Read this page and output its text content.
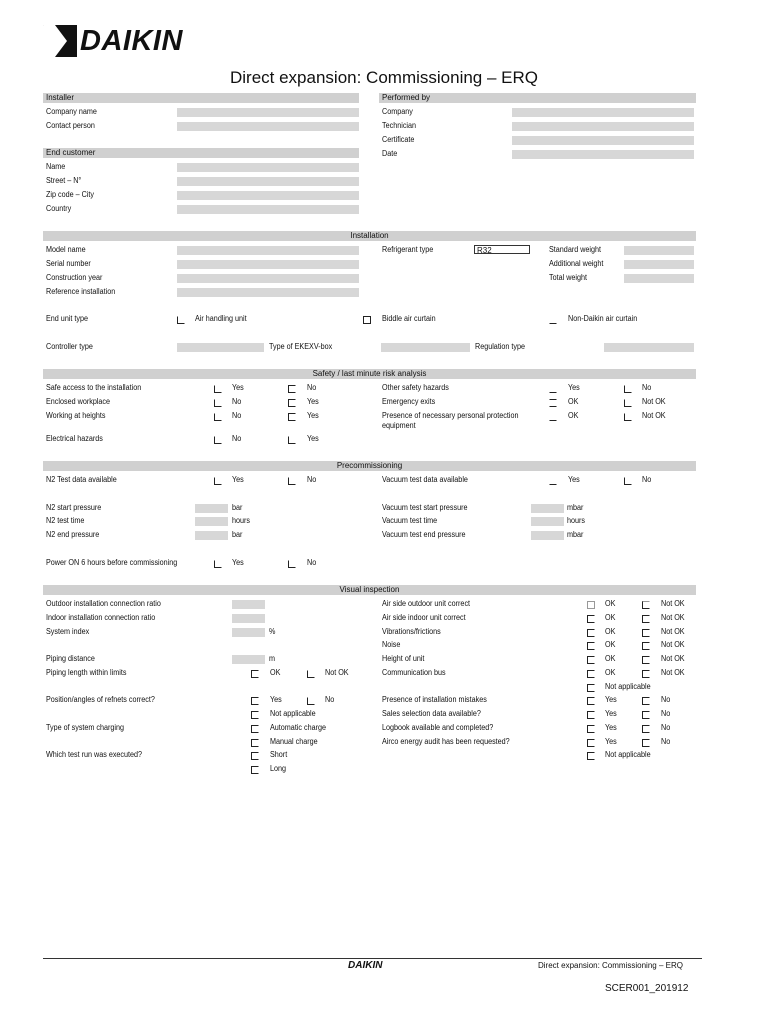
DAIKIN
Direct expansion: Commissioning – ERQ
Installer	Performed by
Company name
Contact person
Company
Technician
Certificate
Date
End customer
Name
Street – N°
Zip code – City
Country
Installation
Model name
Serial number
Construction year
Reference installation
Refrigerant type	R32	Standard weight
Additional weight
Total weight
End unit type	Air handling unit	Biddle air curtain	Non-Daikin air curtain
Controller type	Type of EKEXV-box	Regulation type
Safety / last minute risk analysis
Safe access to the installation	Yes	No
Enclosed workplace	No	Yes
Working at heights	No	Yes
Electrical hazards	No	Yes
Other safety hazards	Yes	No
Emergency exits	OK	Not OK
Presence of necessary personal protection equipment
OK	Not OK
Precommissioning
N2 Test data available	Yes	No	Vacuum test data available	Yes	No
N2 start pressure	bar
N2 test time	hours
N2 end pressure	bar
Vacuum test start pressure	mbar
Vacuum test time	hours
Vacuum test end pressure	mbar
Power ON 6 hours before commissioning	Yes	No
Visual inspection
Outdoor installation connection ratio
Indoor installation connection ratio
System index	%
Piping distance	m
Piping length within limits	OK	Not OK
Position/angles of refnets correct?	Yes	No
Not applicable
Type of system charging	Automatic charge
Manual charge
Which test run was executed?	Short
Long
Air side outdoor unit correct	OK	Not OK
Air side indoor unit correct	OK	Not OK
Vibrations/frictions	OK	Not OK
Noise	OK	Not OK
Height of unit	OK	Not OK
Communication bus	OK	Not OK
Not applicable
Presence of installation mistakes	Yes	No
Sales selection data available?	Yes	No
Logbook available and completed?	Yes	No
Airco energy audit has been requested?	Yes	No
Not applicable
DAIKIN	Direct expansion: Commissioning – ERQ
SCER001_201912
